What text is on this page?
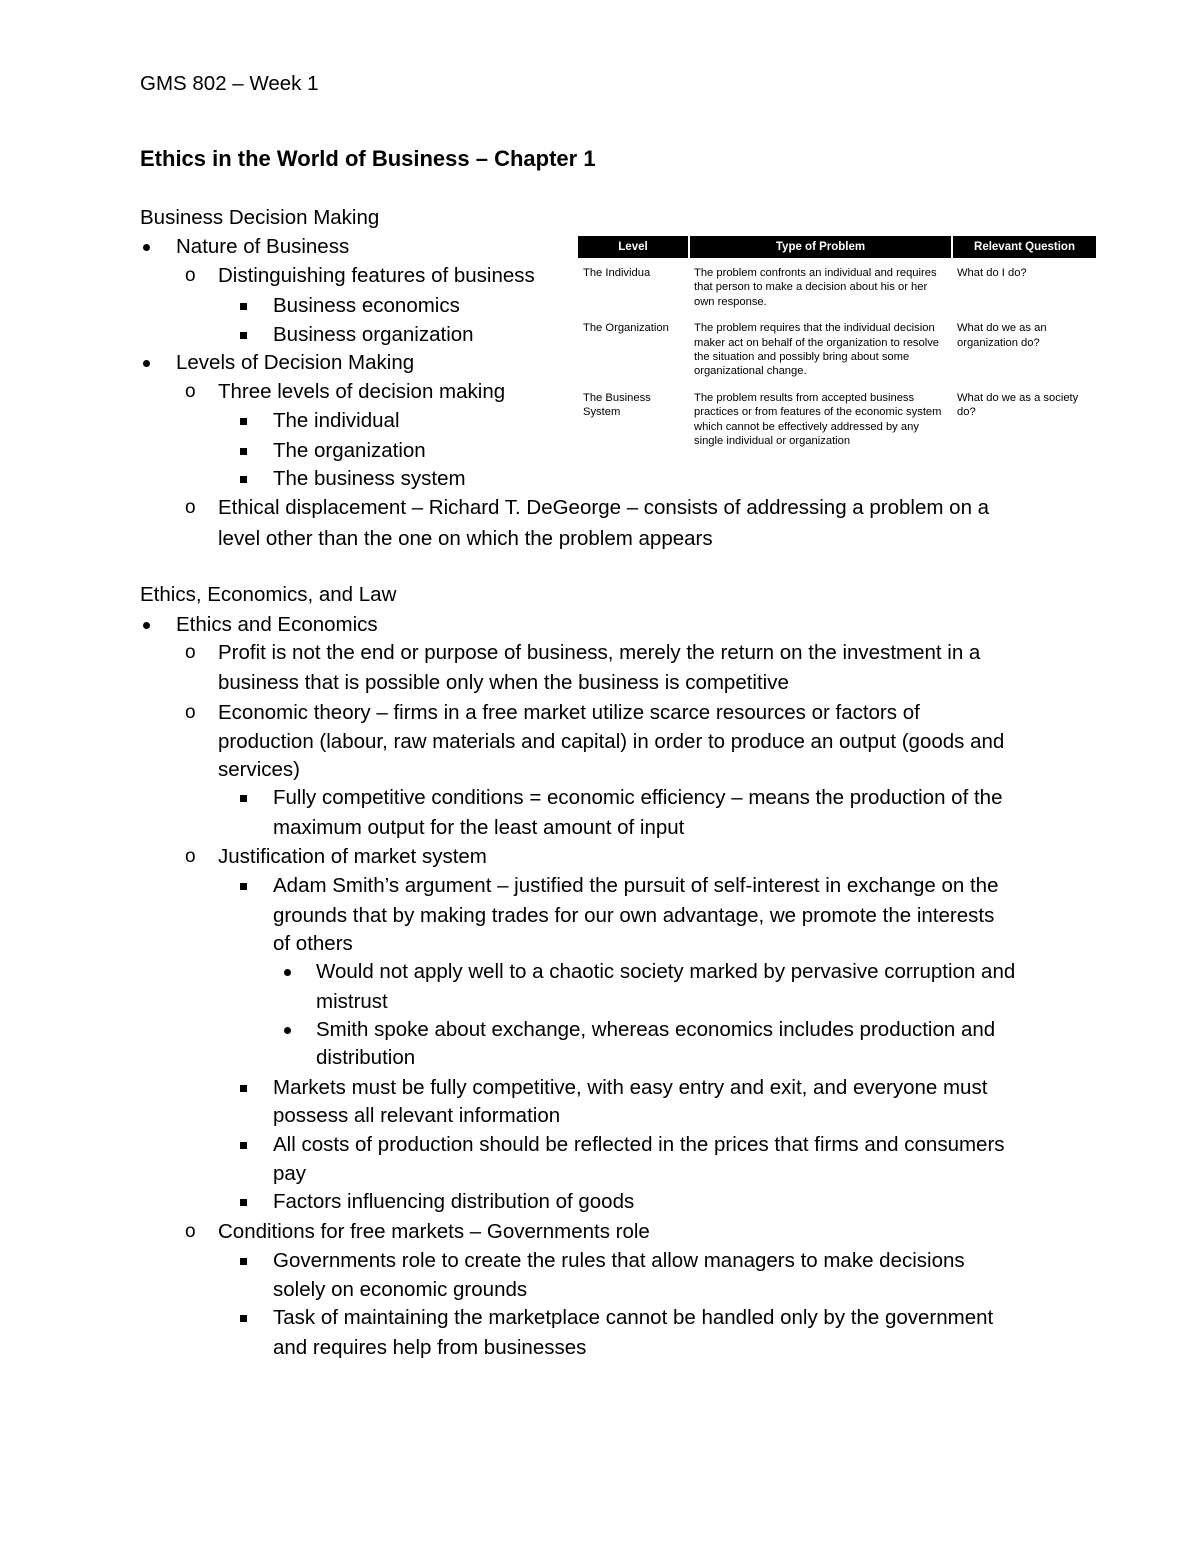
GMS 802 – Week 1
Ethics in the World of Business – Chapter 1
Business Decision Making
Nature of Business
o
Distinguishing features of business
Business economics
Business organization
Levels of Decision Making
o
Three levels of decision making
The individual
The organization
The business system
o
Ethical displacement – Richard T. DeGeorge – consists of addressing a problem on a
level other than the one on which the problem appears
Level	Type of Problem	Relevant Question
The Individua	The problem confronts an individual and requires that person to make a decision about his or her own response.	What do I do?
The Organization	The problem requires that the individual decision maker act on behalf of the organization to resolve the situation and possibly bring about some organizational change.	What do we as an organization do?
The Business System	The problem results from accepted business practices or from features of the economic system which cannot be effectively addressed by any single individual or organization	What do we as a society do?
Ethics, Economics, and Law
Ethics and Economics
o
Profit is not the end or purpose of business, merely the return on the investment in a
business that is possible only when the business is competitive
o
Economic theory – firms in a free market utilize scarce resources or factors of
production (labour, raw materials and capital) in order to produce an output (goods and
services)
Fully competitive conditions = economic efficiency – means the production of the
maximum output for the least amount of input
o
Justification of market system
Adam Smith’s argument – justified the pursuit of self-interest in exchange on the
grounds that by making trades for our own advantage, we promote the interests
of others
Would not apply well to a chaotic society marked by pervasive corruption and
mistrust
Smith spoke about exchange, whereas economics includes production and
distribution
Markets must be fully competitive, with easy entry and exit, and everyone must
possess all relevant information
All costs of production should be reflected in the prices that firms and consumers
pay
Factors influencing distribution of goods
o
Conditions for free markets – Governments role
Governments role to create the rules that allow managers to make decisions
solely on economic grounds
Task of maintaining the marketplace cannot be handled only by the government
and requires help from businesses
